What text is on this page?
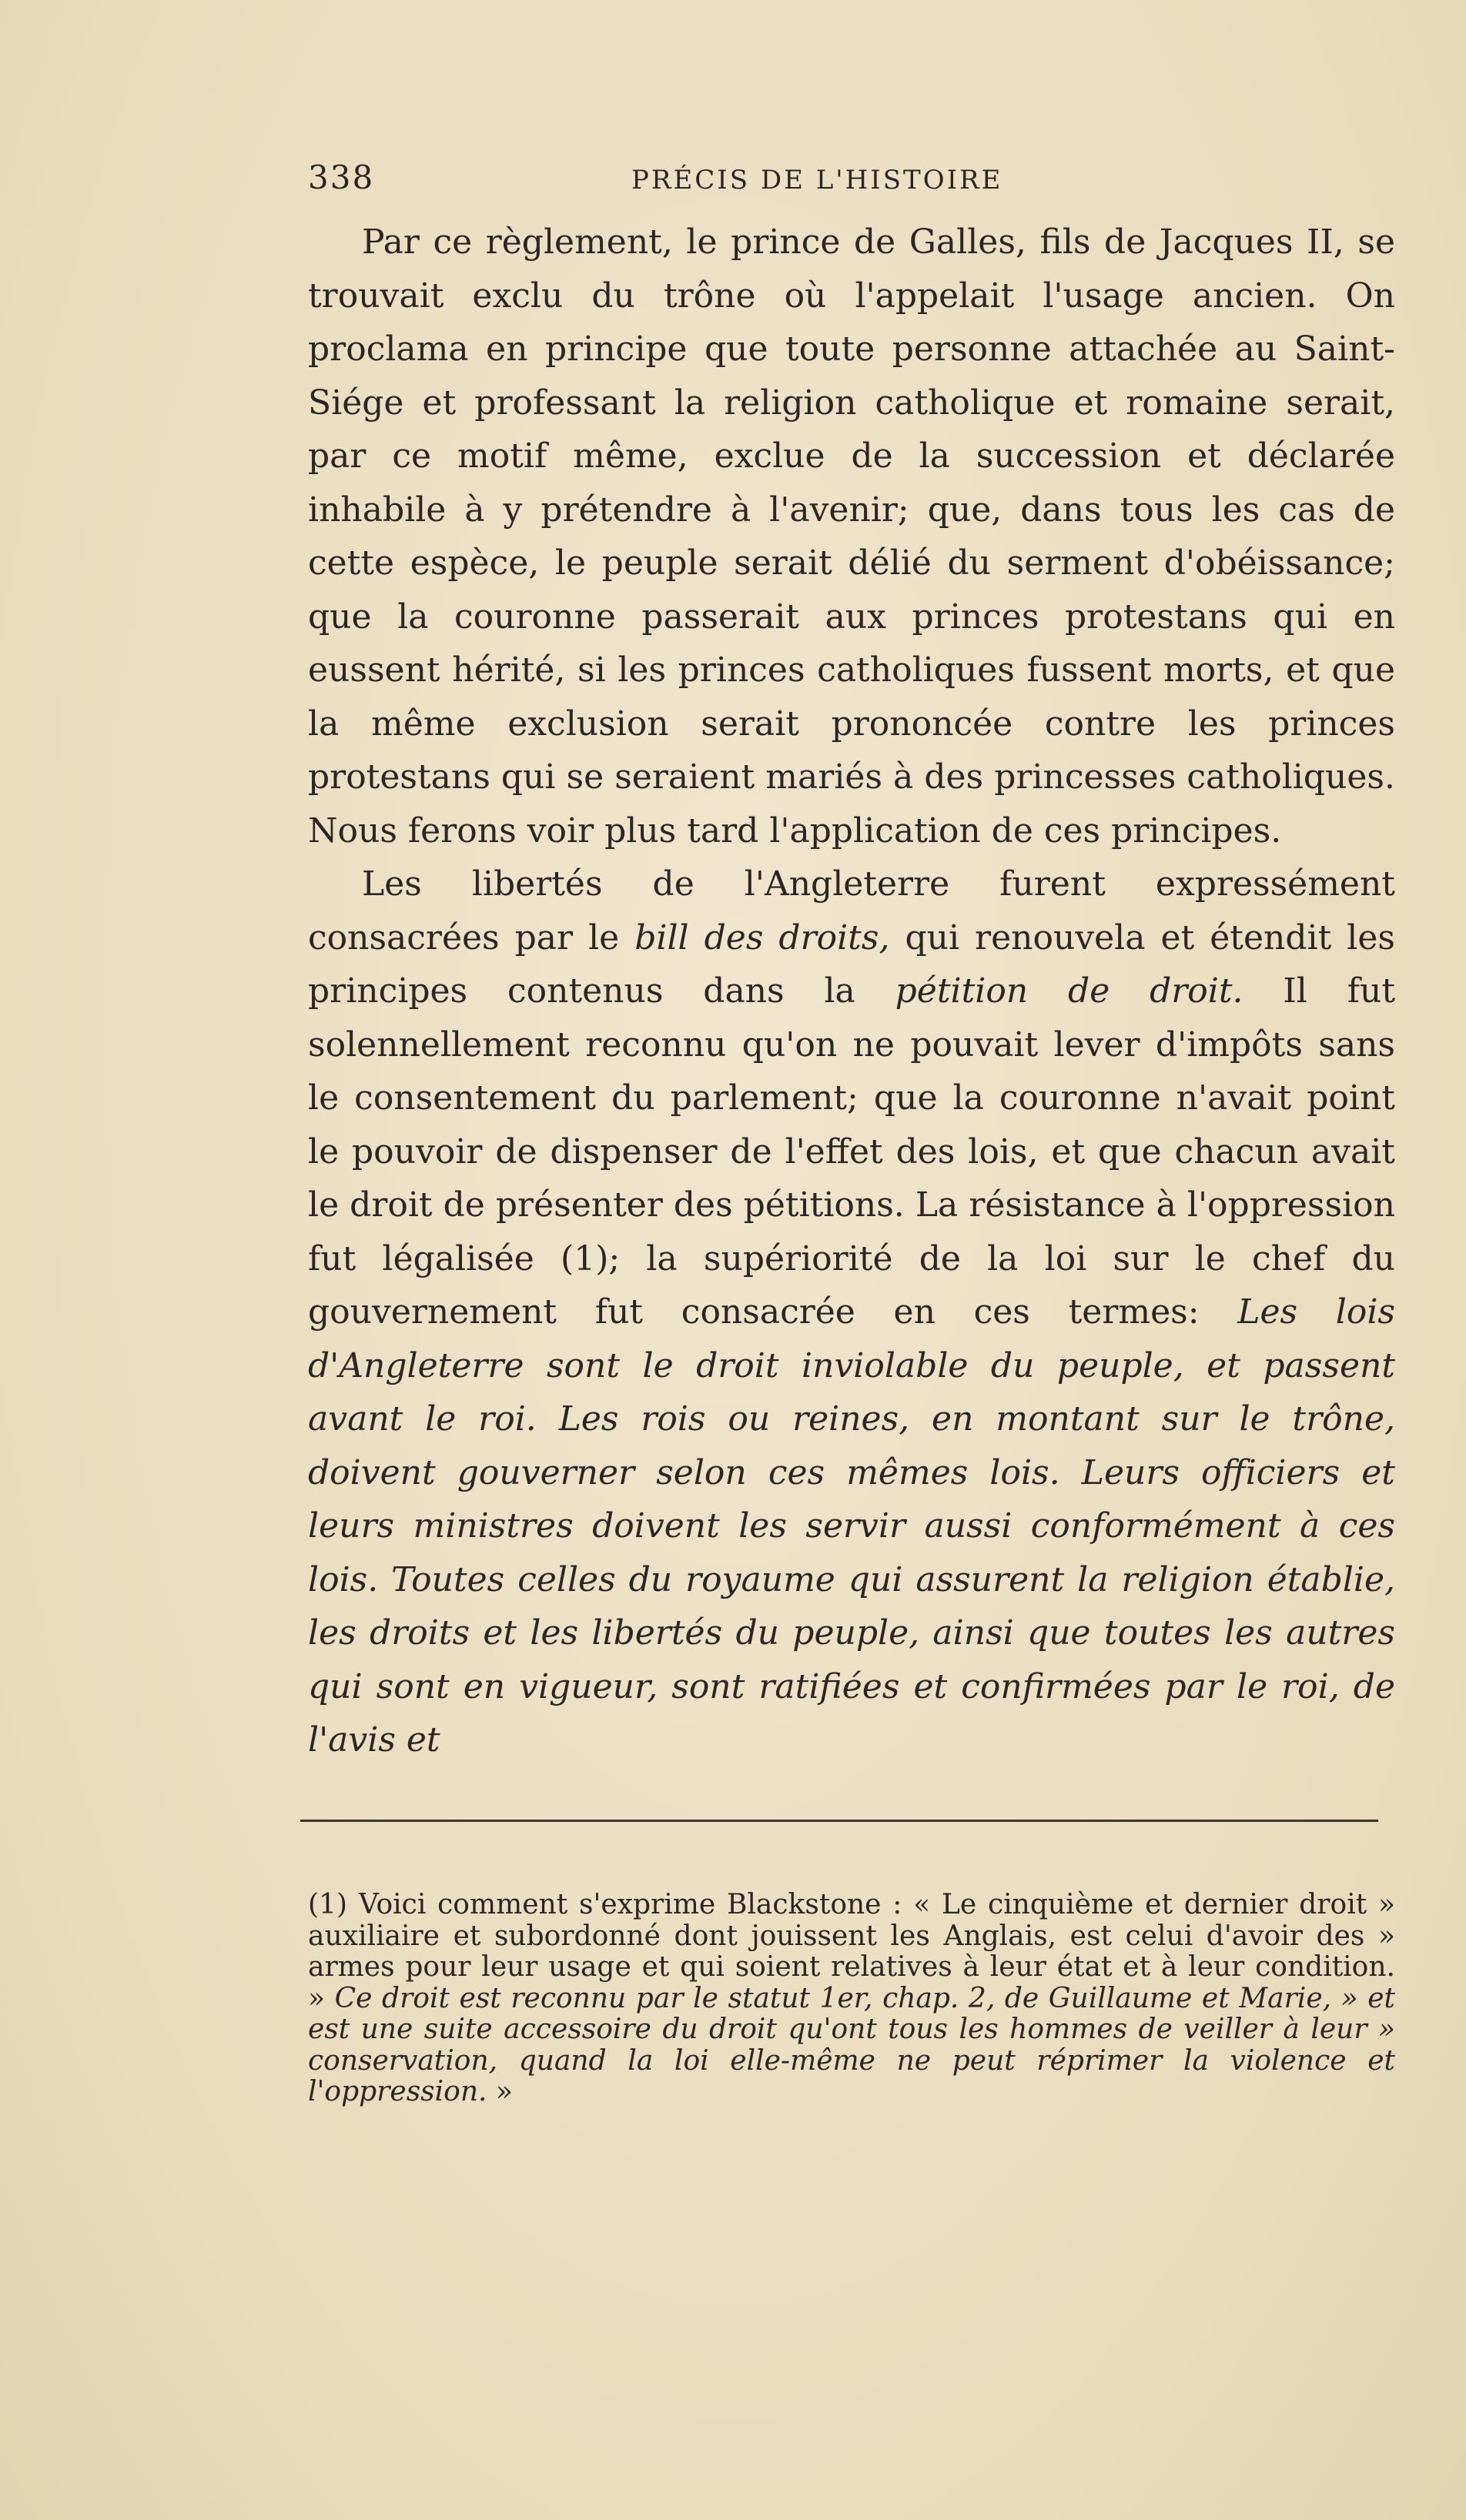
338	PRÉCIS DE L'HISTOIRE

Par ce règlement, le prince de Galles, fils de Jacques II, se trouvait exclu du trône où l'appelait l'usage ancien. On proclama en principe que toute personne attachée au Saint-Siége et professant la religion catholique et romaine serait, par ce motif même, exclue de la succession et déclarée inhabile à y prétendre à l'avenir; que, dans tous les cas de cette espèce, le peuple serait délié du serment d'obéissance; que la couronne passerait aux princes protestans qui en eussent hérité, si les princes catholiques fussent morts, et que la même exclusion serait prononcée contre les princes protestans qui se seraient mariés à des princesses catholiques. Nous ferons voir plus tard l'application de ces principes.

Les libertés de l'Angleterre furent expressément consacrées par le bill des droits, qui renouvela et étendit les principes contenus dans la pétition de droit. Il fut solennellement reconnu qu'on ne pouvait lever d'impôts sans le consentement du parlement; que la couronne n'avait point le pouvoir de dispenser de l'effet des lois, et que chacun avait le droit de présenter des pétitions. La résistance à l'oppression fut légalisée (1); la supériorité de la loi sur le chef du gouvernement fut consacrée en ces termes: Les lois d'Angleterre sont le droit inviolable du peuple, et passent avant le roi. Les rois ou reines, en montant sur le trône, doivent gouverner selon ces mêmes lois. Leurs officiers et leurs ministres doivent les servir aussi conformément à ces lois. Toutes celles du royaume qui assurent la religion établie, les droits et les libertés du peuple, ainsi que toutes les autres qui sont en vigueur, sont ratifiées et confirmées par le roi, de l'avis et

(1) Voici comment s'exprime Blackstone : « Le cinquième et dernier droit » auxiliaire et subordonné dont jouissent les Anglais, est celui d'avoir des » armes pour leur usage et qui soient relatives à leur état et à leur condition. » Ce droit est reconnu par le statut 1er, chap. 2, de Guillaume et Marie, » et est une suite accessoire du droit qu'ont tous les hommes de veiller à leur » conservation, quand la loi elle-même ne peut réprimer la violence et l'oppression. »
